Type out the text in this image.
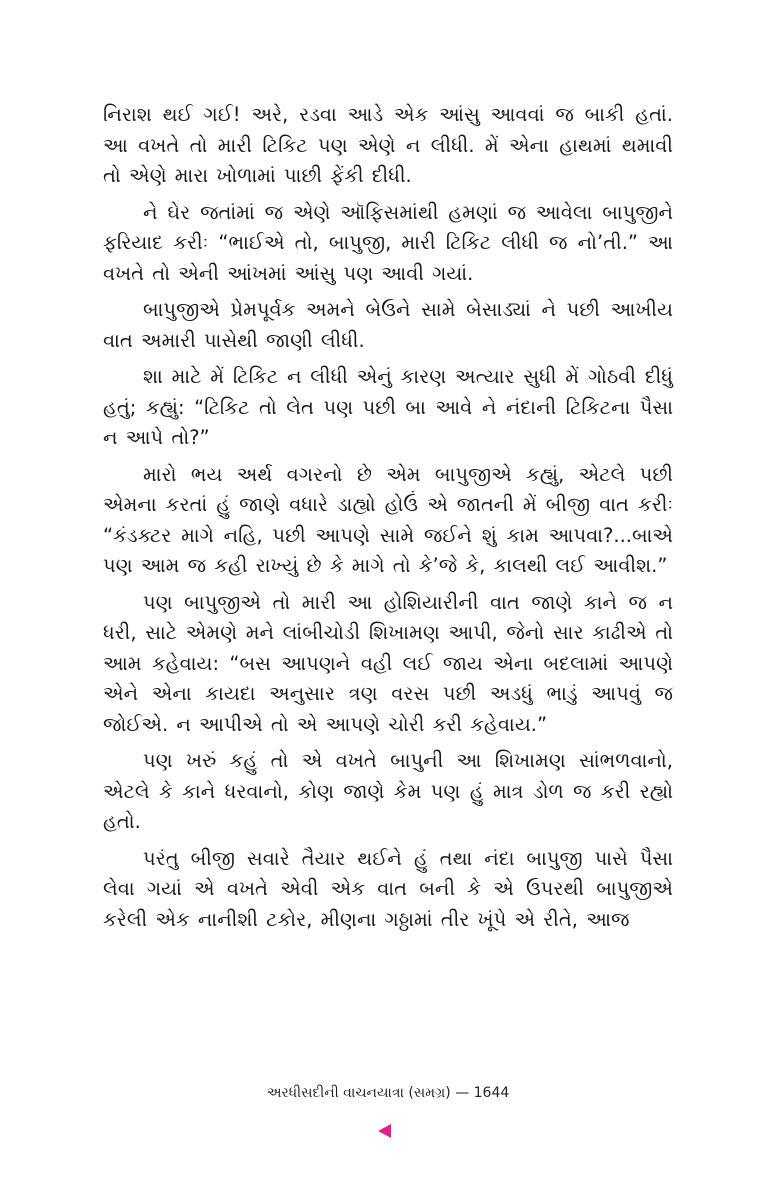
નિરાશ થઈ ગઈ! અરે, રડવા આડે એક આંસુ આવવાં જ બાકી હતાં. આ વખતે તો મારી ટિકિટ પણ એણે ન લીધી. મેં એના હાથમાં થમાવી તો એણે મારા ખોળામાં પાછી ફેંકી દીધી.

ને ઘેર જતાંમાં જ એણે ઑફિસમાંથી હમણાં જ આવેલા બાપુજીને ફરિયાદ કરીઃ “ભાઈએ તો, બાપુજી, મારી ટિકિટ લીધી જ નો’તી.” આ વખતે તો એની આંખમાં આંસુ પણ આવી ગયાં.

બાપુજીએ પ્રેમપૂર્વક અમને બેઉને સામે બેસાડ્યાં ને પછી આખીય વાત અમારી પાસેથી જાણી લીધી.

શા માટે મેં ટિકિટ ન લીધી એનું કારણ અત્યાર સુધી મેં ગોઠવી દીધું હતું; કહ્યું: “ટિકિટ તો લેત પણ પછી બા આવે ને નંદાની ટિકિટના પૈસા ન આપે તો?”

મારો ભય અર્થ વગરનો છે એમ બાપુજીએ કહ્યું, એટલે પછી એમના કરતાં હું જાણે વધારે ડાહ્યો હોઉં એ જાતની મેં બીજી વાત કરીઃ “કંડક્ટર માગે નહિ, પછી આપણે સામે જઈને શું કામ આપવા?...બાએ પણ આમ જ કહી રાખ્યું છે કે માગે તો કે’જે કે, કાલથી લઈ આવીશ.”

પણ બાપુજીએ તો મારી આ હોશિયારીની વાત જાણે કાને જ ન ધરી, સાટે એમણે મને લાંબીચોડી શિખામણ આપી, જેનો સાર કાઢીએ તો આમ કહેવાય: “બસ આપણને વહી લઈ જાય એના બદલામાં આપણે એને એના કાયદા અનુસાર ત્રણ વરસ પછી અડધું ભાડું આપવું જ જોઈએ. ન આપીએ તો એ આપણે ચોરી કરી કહેવાય.”

પણ ખરું કહું તો એ વખતે બાપુની આ શિખામણ સાંભળવાનો, એટલે કે કાને ધરવાનો, કોણ જાણે કેમ પણ હું માત્ર ડોળ જ કરી રહ્યો હતો.

પરંતુ બીજી સવારે તૈયાર થઈને હું તથા નંદા બાપુજી પાસે પૈસા લેવા ગયાં એ વખતે એવી એક વાત બની કે એ ઉપરથી બાપુજીએ કરેલી એક નાનીશી ટકોર, મીણના ગઠ્ઠામાં તીર ખૂંપે એ રીતે, આજ

અરધીસદીની વાચનયાત્રા (સમગ્ર) — 1644
